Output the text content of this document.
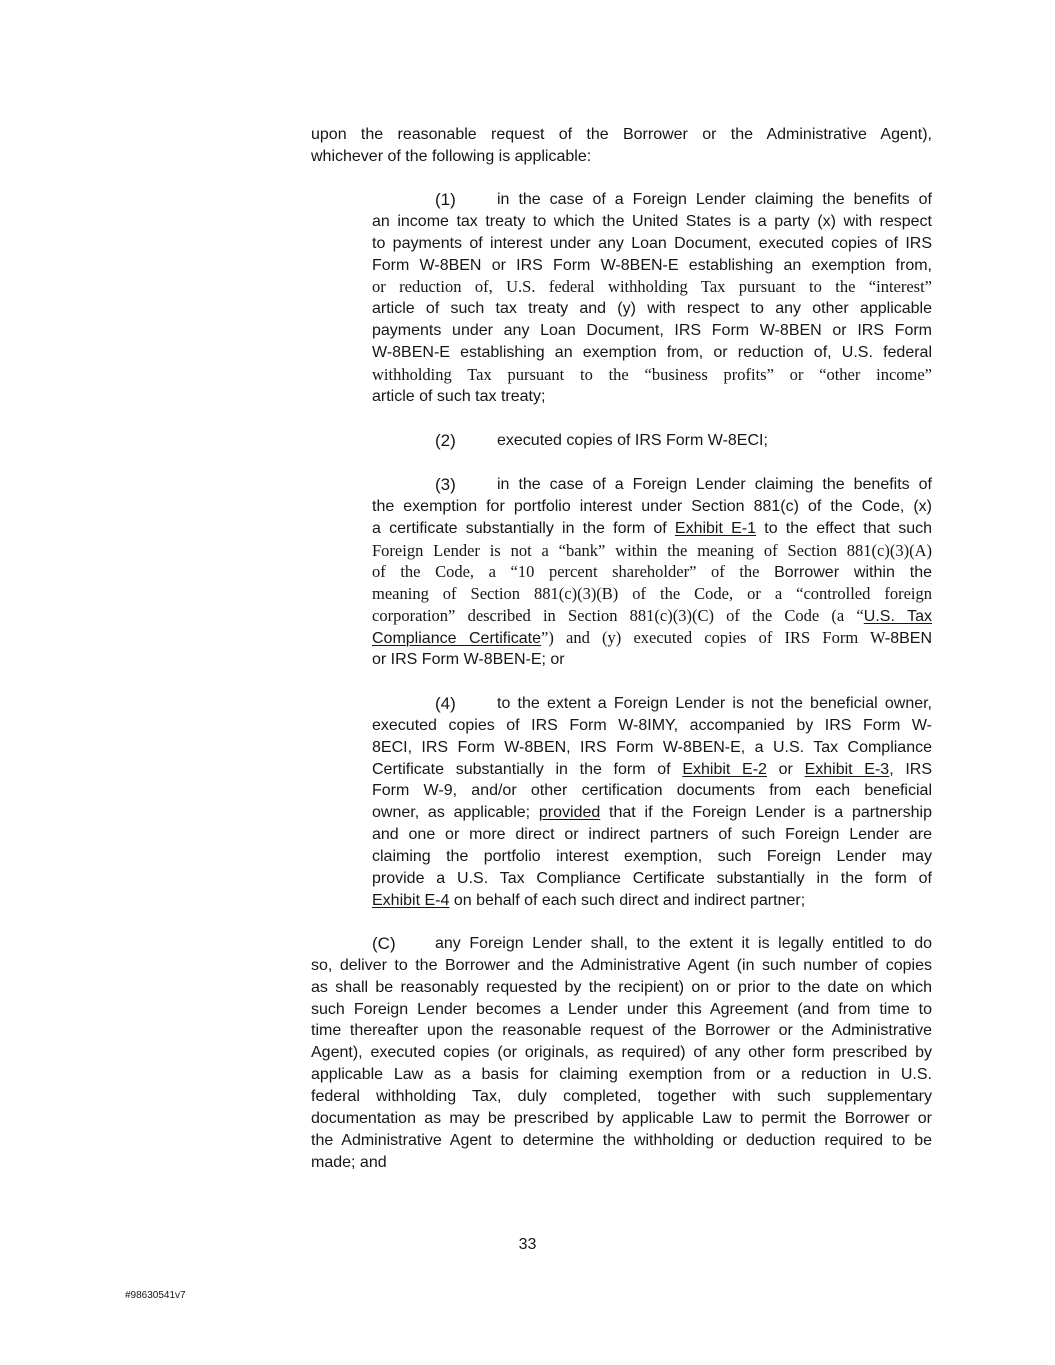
upon the reasonable request of the Borrower or the Administrative Agent),
whichever of the following is applicable:
(1)	in the case of a Foreign Lender claiming the benefits of
an income tax treaty to which the United States is a party (x) with respect
to payments of interest under any Loan Document, executed copies of IRS
Form W-8BEN or IRS Form W-8BEN-E establishing an exemption from,
or reduction of, U.S. federal withholding Tax pursuant to the “interest”
article of such tax treaty and (y) with respect to any other applicable
payments under any Loan Document, IRS Form W-8BEN or IRS Form
W-8BEN-E establishing an exemption from, or reduction of, U.S. federal
withholding Tax pursuant to the “business profits” or “other income”
article of such tax treaty;
(2)	executed copies of IRS Form W-8ECI;
(3)	in the case of a Foreign Lender claiming the benefits of
the exemption for portfolio interest under Section 881(c) of the Code, (x)
a certificate substantially in the form of Exhibit E-1 to the effect that such
Foreign Lender is not a “bank” within the meaning of Section 881(c)(3)(A)
of the Code, a “10 percent shareholder” of the Borrower within the
meaning of Section 881(c)(3)(B) of the Code, or a “controlled foreign
corporation” described in Section 881(c)(3)(C) of the Code (a “U.S. Tax
Compliance Certificate”) and (y) executed copies of IRS Form W-8BEN
or IRS Form W-8BEN-E; or
(4)	to the extent a Foreign Lender is not the beneficial owner,
executed copies of IRS Form W-8IMY, accompanied by IRS Form W-
8ECI, IRS Form W-8BEN, IRS Form W-8BEN-E, a U.S. Tax Compliance
Certificate substantially in the form of Exhibit E-2 or Exhibit E-3, IRS
Form W-9, and/or other certification documents from each beneficial
owner, as applicable; provided that if the Foreign Lender is a partnership
and one or more direct or indirect partners of such Foreign Lender are
claiming the portfolio interest exemption, such Foreign Lender may
provide a U.S. Tax Compliance Certificate substantially in the form of
Exhibit E-4 on behalf of each such direct and indirect partner;
(C)	any Foreign Lender shall, to the extent it is legally entitled to do
so, deliver to the Borrower and the Administrative Agent (in such number of copies
as shall be reasonably requested by the recipient) on or prior to the date on which
such Foreign Lender becomes a Lender under this Agreement (and from time to
time thereafter upon the reasonable request of the Borrower or the Administrative
Agent), executed copies (or originals, as required) of any other form prescribed by
applicable Law as a basis for claiming exemption from or a reduction in U.S.
federal withholding Tax, duly completed, together with such supplementary
documentation as may be prescribed by applicable Law to permit the Borrower or
the Administrative Agent to determine the withholding or deduction required to be
made; and
33
#98630541v7
